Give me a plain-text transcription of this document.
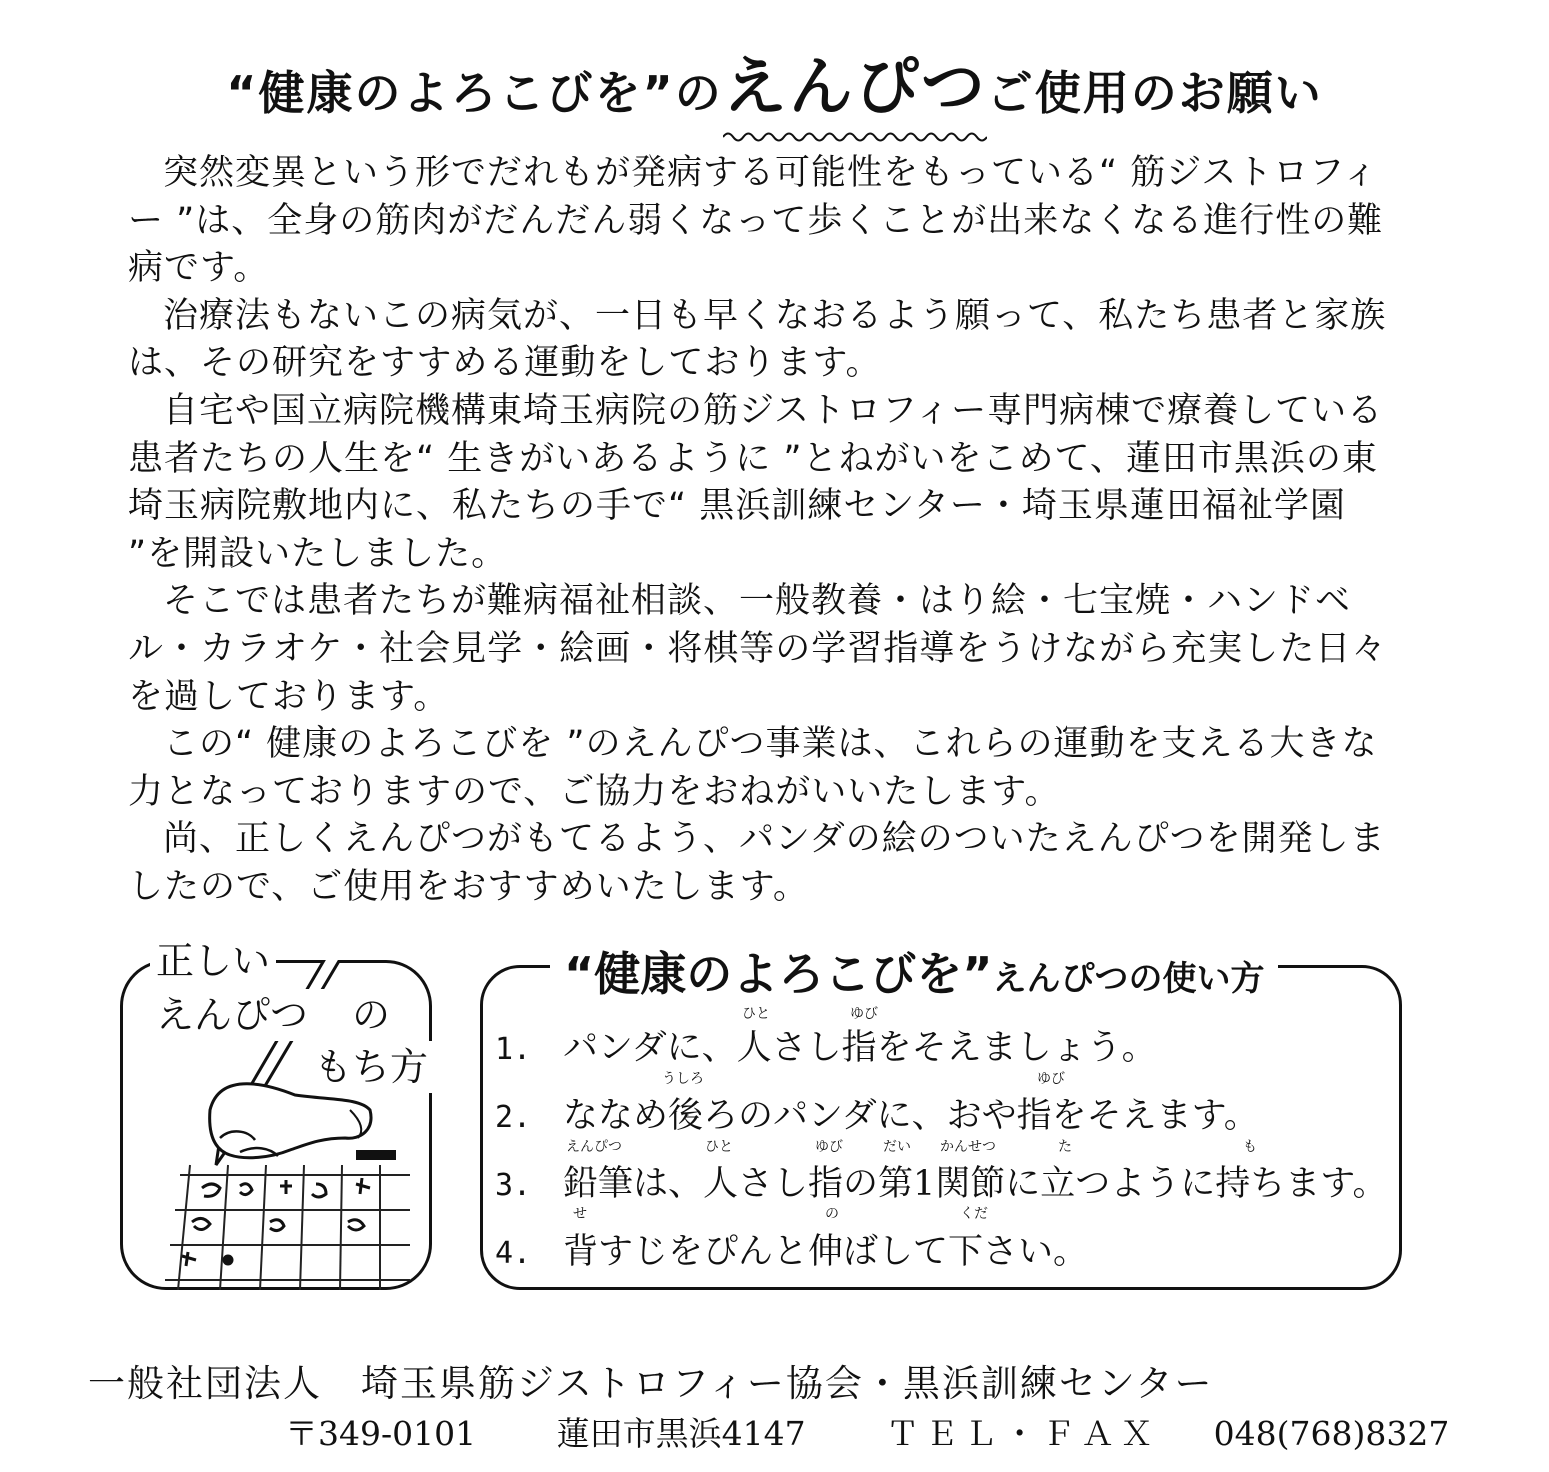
“健康のよろこびを”のえんぴつ
ご使用のお願い

突然変異という形でだれもが発病する可能性をもっている“ 筋ジストロフィー ”は、全身の筋肉がだんだん弱くなって歩くことが出来なくなる進行性の難病です。

治療法もないこの病気が、一日も早くなおるよう願って、私たち患者と家族は、その研究をすすめる運動をしております。

自宅や国立病院機構東埼玉病院の筋ジストロフィー専門病棟で療養している患者たちの人生を“ 生きがいあるように ”とねがいをこめて、蓮田市黒浜の東埼玉病院敷地内に、私たちの手で“ 黒浜訓練センター・埼玉県蓮田福祉学園 ”を開設いたしました。

そこでは患者たちが難病福祉相談、一般教養・はり絵・七宝焼・ハンドベル・カラオケ・社会見学・絵画・将棋等の学習指導をうけながら充実した日々を過しております。

この“ 健康のよろこびを ”のえんぴつ事業は、これらの運動を支える大きな力となっておりますので、ご協力をおねがいいたします。

尚、正しくえんぴつがもてるよう、パンダの絵のついたえんぴつを開発しましたので、ご使用をおすすめいたします。

正しい
えんぴつ の
もち方
“健康のよろこびを”えんぴつの使い方
ひと	ゆび
うしろ	ゆび
えんぴつ	ひと	ゆび	だい かんせつ	た	も
せ	の	くだ
1. パンダに、人さし指をそえましょう。
2. ななめ後ろのパンダに、おや指をそえます。
3. 鉛筆は、人さし指の第1関節に立つように持ちます。
4. 背すじをぴんと伸ばして下さい。
一般社団法人　埼玉県筋ジストロフィー協会・黒浜訓練センター
〒349-0101 蓮田市黒浜4147 ＴＥＬ・ＦＡＸ 048(768)8327
